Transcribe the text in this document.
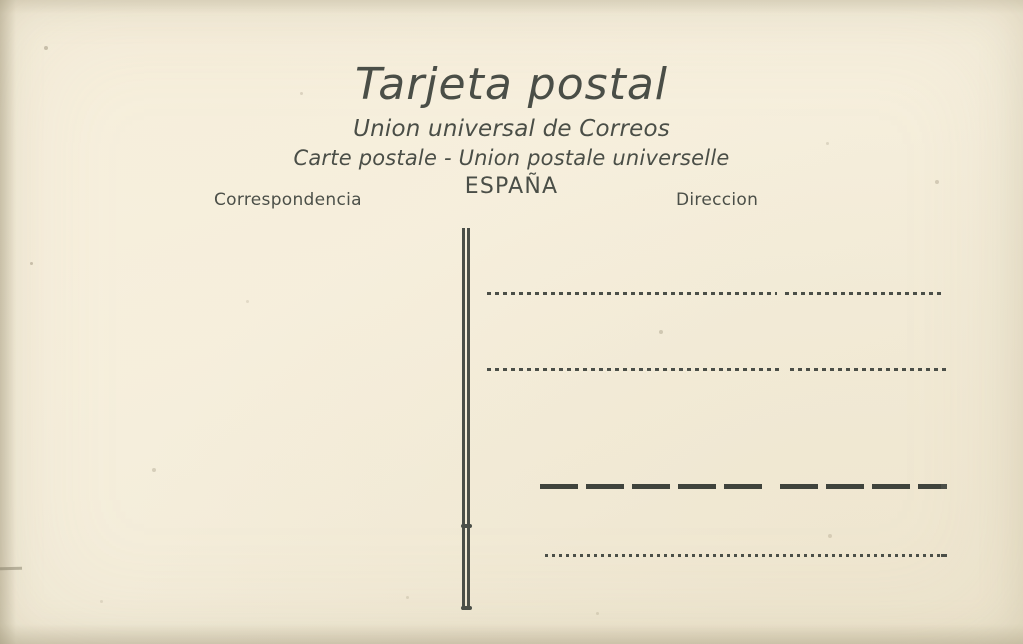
Tarjeta postal
Union universal de Correos
Carte postale - Union postale universelle
ESPAÑA
Correspondencia	Direccion
